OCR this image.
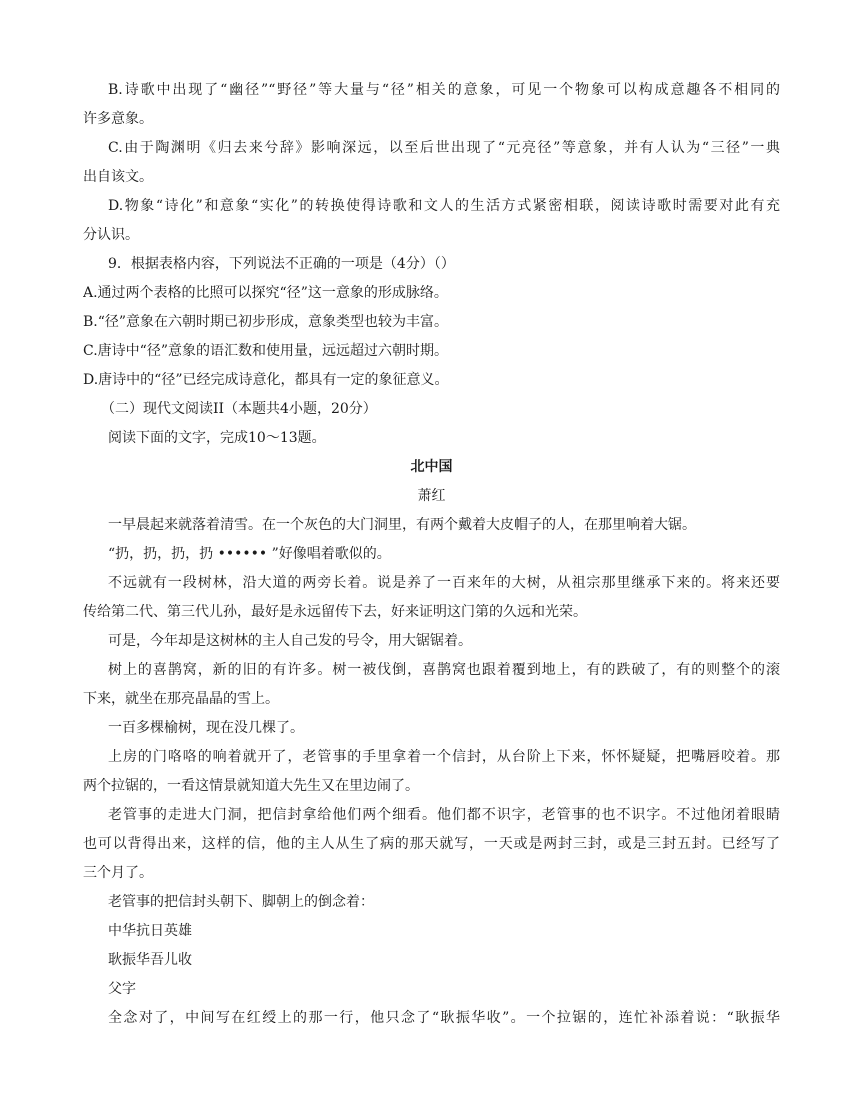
B.诗歌中出现了“幽径”“野径”等大量与“径”相关的意象，可见一个物象可以构成意趣各不相同的
许多意象。
C.由于陶渊明《归去来兮辞》影响深远，以至后世出现了“元亮径”等意象，并有人认为“三径”一典
出自该文。
D.物象“诗化”和意象“实化”的转换使得诗歌和文人的生活方式紧密相联，阅读诗歌时需要对此有充
分认识。
9．根据表格内容，下列说法不正确的一项是（4分）（）
A.通过两个表格的比照可以探究“径”这一意象的形成脉络。
B.“径”意象在六朝时期已初步形成，意象类型也较为丰富。
C.唐诗中“径”意象的语汇数和使用量，远远超过六朝时期。
D.唐诗中的“径”已经完成诗意化，都具有一定的象征意义。
（二）现代文阅读II（本题共4小题，20分）
阅读下面的文字，完成10～13题。
北中国
萧红
一早晨起来就落着清雪。在一个灰色的大门洞里，有两个戴着大皮帽子的人，在那里响着大锯。
“扔，扔，扔，扔 •••••• ”好像唱着歌似的。
不远就有一段树林，沿大道的两旁长着。说是养了一百来年的大树，从祖宗那里继承下来的。将来还要
传给第二代、第三代儿孙，最好是永远留传下去，好来证明这门第的久远和光荣。
可是，今年却是这树林的主人自己发的号令，用大锯锯着。
树上的喜鹊窝，新的旧的有许多。树一被伐倒，喜鹊窝也跟着覆到地上，有的跌破了，有的则整个的滚
下来，就坐在那亮晶晶的雪上。
一百多棵榆树，现在没几棵了。
上房的门咯咯的响着就开了，老管事的手里拿着一个信封，从台阶上下来，怀怀疑疑，把嘴唇咬着。那
两个拉锯的，一看这情景就知道大先生又在里边闹了。
老管事的走进大门洞，把信封拿给他们两个细看。他们都不识字，老管事的也不识字。不过他闭着眼睛
也可以背得出来，这样的信，他的主人从生了病的那天就写，一天或是两封三封，或是三封五封。已经写了
三个月了。
老管事的把信封头朝下、脚朝上的倒念着：
中华抗日英雄
耿振华吾儿收
父字
全念对了，中间写在红绶上的那一行，他只念了“耿振华收”。一个拉锯的，连忙补添着说：“耿振华
